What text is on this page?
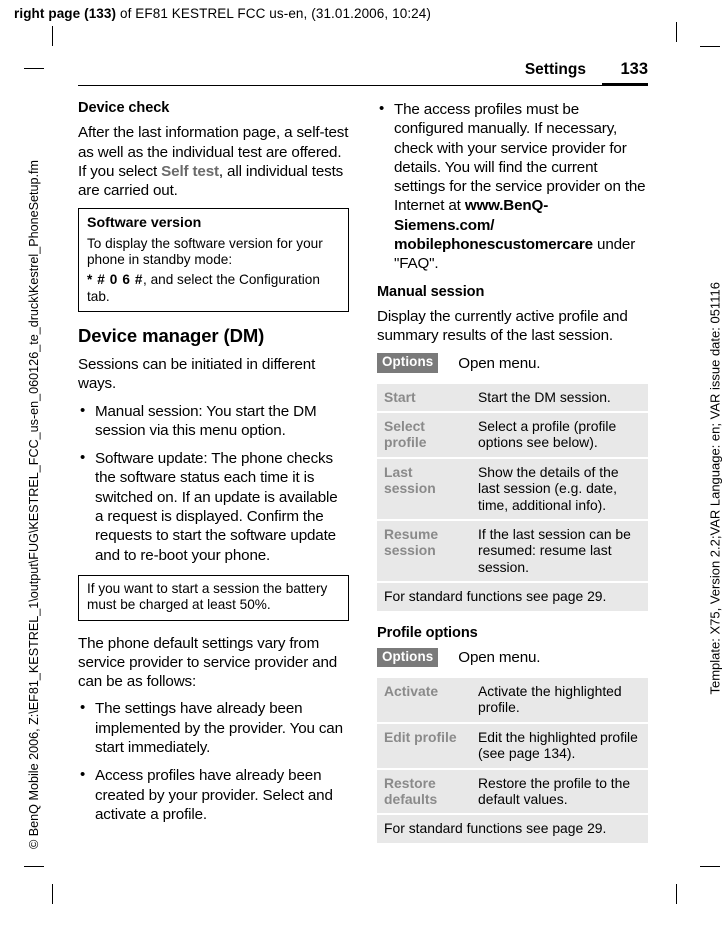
right page (133) of EF81 KESTREL FCC us-en, (31.01.2006, 10:24)
© BenQ Mobile 2006, Z:\EF81_KESTREL_1\output\FUG\KESTREL_FCC_us-en_060126_te_druck\Kestrel_PhoneSetup.fm	Template: X75, Version 2.2;VAR Language: en; VAR issue date: 051116
Settings	133
Device check

After the last information page, a self-test as well as the individual test are offered. If you select Self test, all individual tests are carried out.

Software version

To display the software version for your phone in standby mode:

* # 0 6 #, and select the Configuration tab.

Device manager (DM)

Sessions can be initiated in different ways.

• Manual session: You start the DM session via this menu option.
• Software update: The phone checks the software status each time it is switched on. If an update is available a request is displayed. Confirm the requests to start the software update and to re-boot your phone.

If you want to start a session the battery must be charged at least 50%.

The phone default settings vary from service provider to service provider and can be as follows:

• The settings have already been implemented by the provider. You can start immediately.
• Access profiles have already been created by your provider. Select and activate a profile.
• The access profiles must be configured manually. If necessary, check with your service provider for details. You will find the current settings for the service provider on the Internet at www.BenQ-Siemens.com/ mobilephonescustomercare under "FAQ".
Manual session

Display the currently active profile and summary results of the last session.

Options	Open menu.
Start	Start the DM session.
Select profile	Select a profile (profile options see below).
Last session	Show the details of the last session (e.g. date, time, additional info).
Resume session	If the last session can be resumed: resume last session.
For standard functions see page 29.	
Profile options
Options	Open menu.
Activate	Activate the highlighted profile.
Edit profile	Edit the highlighted profile (see page 134).
Restore defaults	Restore the profile to the default values.
For standard functions see page 29.	
